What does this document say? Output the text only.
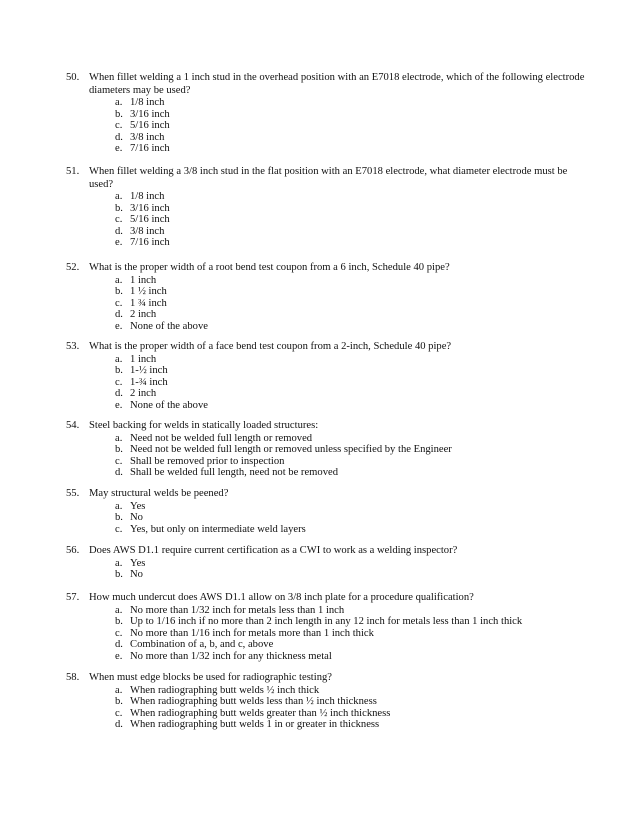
50. When fillet welding a 1 inch stud in the overhead position with an E7018 electrode, which of the following electrode diameters may be used?
a. 1/8 inch
b. 3/16 inch
c. 5/16 inch
d. 3/8 inch
e. 7/16 inch
51. When fillet welding a 3/8 inch stud in the flat position with an E7018 electrode, what diameter electrode must be used?
a. 1/8 inch
b. 3/16 inch
c. 5/16 inch
d. 3/8 inch
e. 7/16 inch
52. What is the proper width of a root bend test coupon from a 6 inch, Schedule 40 pipe?
a. 1 inch
b. 1 ½ inch
c. 1 ¾ inch
d. 2 inch
e. None of the above
53. What is the proper width of a face bend test coupon from a 2-inch, Schedule 40 pipe?
a. 1 inch
b. 1-½ inch
c. 1-¾ inch
d. 2 inch
e. None of the above
54. Steel backing for welds in statically loaded structures:
a. Need not be welded full length or removed
b. Need not be welded full length or removed unless specified by the Engineer
c. Shall be removed prior to inspection
d. Shall be welded full length, need not be removed
55. May structural welds be peened?
a. Yes
b. No
c. Yes, but only on intermediate weld layers
56. Does AWS D1.1 require current certification as a CWI to work as a welding inspector?
a. Yes
b. No
57. How much undercut does AWS D1.1 allow on 3/8 inch plate for a procedure qualification?
a. No more than 1/32 inch for metals less than 1 inch
b. Up to 1/16 inch if no more than 2 inch length in any 12 inch for metals less than 1 inch thick
c. No more than 1/16 inch for metals more than 1 inch thick
d. Combination of a, b, and c, above
e. No more than 1/32 inch for any thickness metal
58. When must edge blocks be used for radiographic testing?
a. When radiographing butt welds ½ inch thick
b. When radiographing butt welds less than ½ inch thickness
c. When radiographing butt welds greater than ½ inch thickness
d. When radiographing butt welds 1 in or greater in thickness
